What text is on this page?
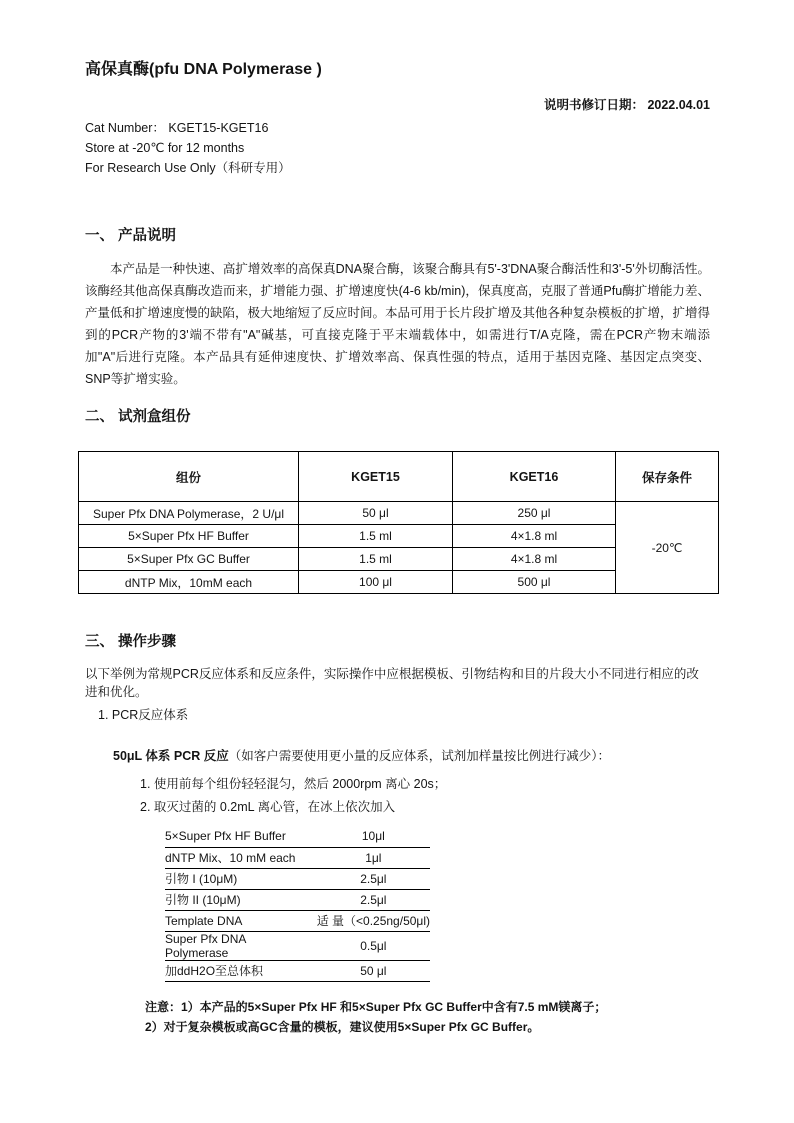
高保真酶(pfu DNA Polymerase )
说明书修订日期： 2022.04.01
Cat Number： KGET15-KGET16
Store at -20℃ for 12 months
For Research Use Only（科研专用）
一、 产品说明

本产品是一种快速、高扩增效率的高保真DNA聚合酶，该聚合酶具有5'-3'DNA聚合酶活性和3'-5'外切酶活性。该酶经其他高保真酶改造而来，扩增能力强、扩增速度快(4-6 kb/min)，保真度高，克服了普通Pfu酶扩增能力差、产量低和扩增速度慢的缺陷，极大地缩短了反应时间。本品可用于长片段扩增及其他各种复杂模板的扩增，扩增得到的PCR产物的3'端不带有"A"碱基，可直接克隆于平末端载体中，如需进行T/A克隆，需在PCR产物末端添加"A"后进行克隆。本产品具有延伸速度快、扩增效率高、保真性强的特点，适用于基因克隆、基因定点突变、SNP等扩增实验。

二、 试剂盒组份
组份	KGET15	KGET16	保存条件
Super Pfx DNA Polymerase，2 U/μl	50 μl	250 μl	-20℃
5×Super Pfx HF Buffer	1.5 ml	4×1.8 ml	
5×Super Pfx GC Buffer	1.5 ml	4×1.8 ml	
dNTP Mix，10mM each	100 μl	500 μl	
三、 操作步骤
以下举例为常规PCR反应体系和反应条件，实际操作中应根据模板、引物结构和目的片段大小不同进行相应的改进和优化。
1. PCR反应体系
50μL 体系 PCR 反应（如客户需要使用更小量的反应体系，试剂加样量按比例进行减少）：
1. 使用前每个组份轻轻混匀，然后 2000rpm 离心 20s；
2. 取灭过菌的 0.2mL 离心管，在冰上依次加入
5×Super Pfx HF Buffer	10μl
dNTP Mix、10 mM each	1μl
引物 I (10μM)	2.5μl
引物 II (10μM)	2.5μl
Template DNA	适 量（<0.25ng/50μl)
Super Pfx DNA Polymerase	0.5μl
加ddH2O至总体积	50 μl
注意：1）本产品的5×Super Pfx HF 和5×Super Pfx GC Buffer中含有7.5 mM镁离子；
2）对于复杂模板或高GC含量的模板，建议使用5×Super Pfx GC Buffer。
